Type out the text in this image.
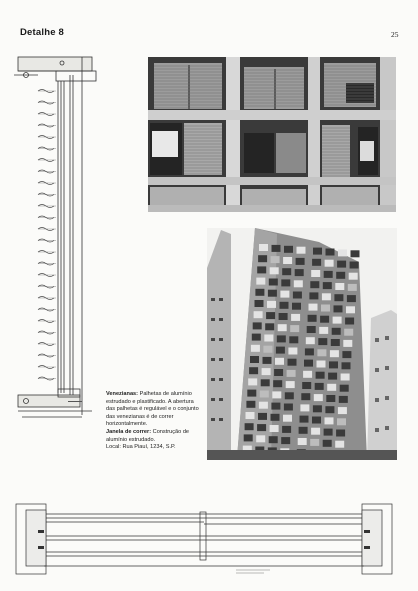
Detalhe 8	25

Venezianas: Palhetas de alumínio estrudado e plastificado. A abertura das palhetas é regulável e o conjunto das venezianas é de correr horizontalmente.

Janela de correr: Construção de alumínio estrudado.

Local: Rua Piauí, 1234, S.P.
